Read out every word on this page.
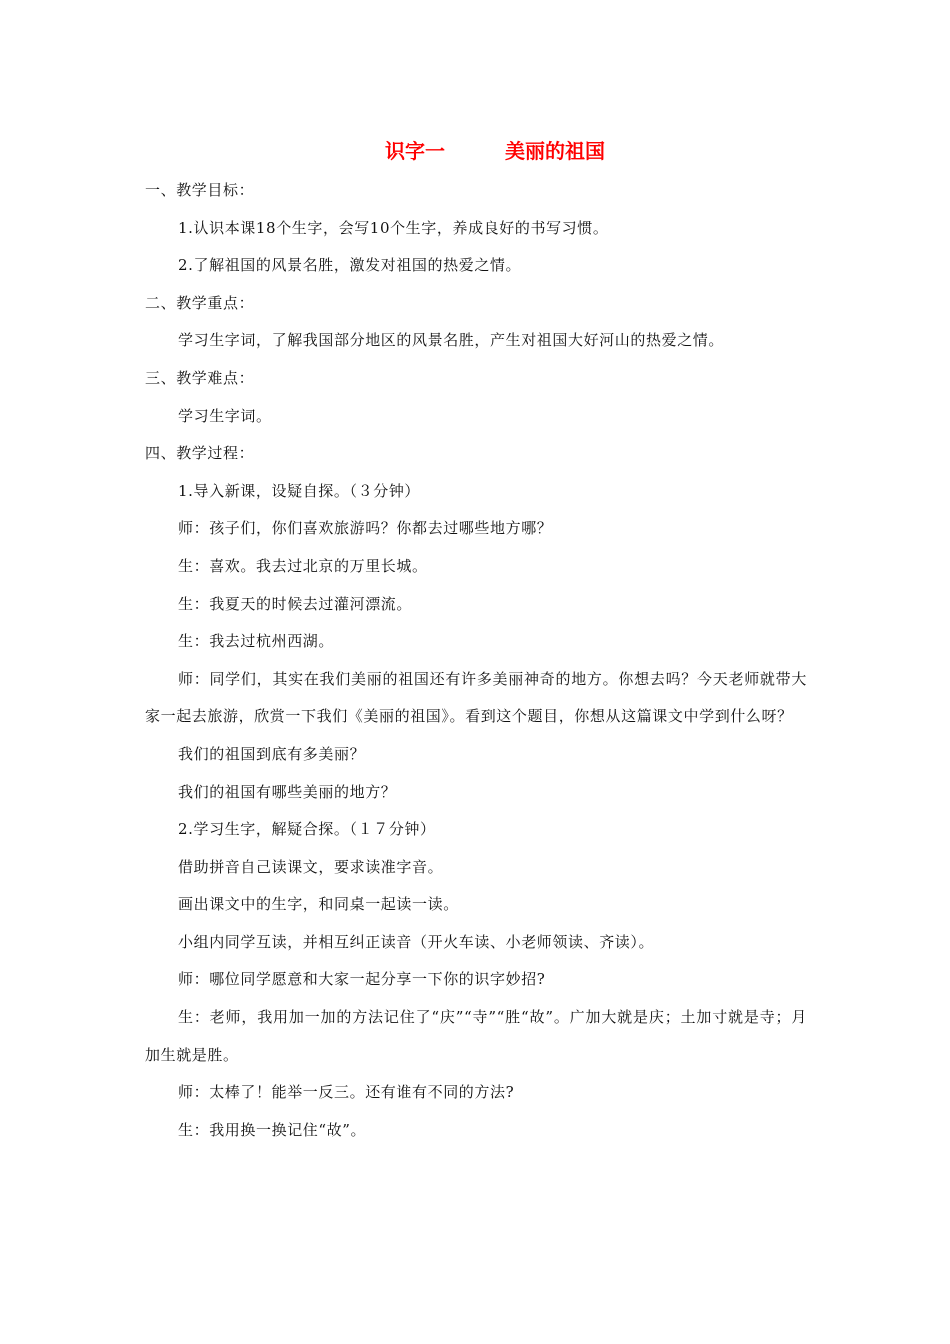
识字一　　　美丽的祖国

一、教学目标：

1.认识本课18个生字，会写10个生字，养成良好的书写习惯。

2.了解祖国的风景名胜，激发对祖国的热爱之情。

二、教学重点：

学习生字词，了解我国部分地区的风景名胜，产生对祖国大好河山的热爱之情。

三、教学难点：

学习生字词。

四、教学过程：

1.导入新课，设疑自探。（３分钟）

师：孩子们，你们喜欢旅游吗？你都去过哪些地方哪？

生：喜欢。我去过北京的万里长城。

生：我夏天的时候去过灌河漂流。

生：我去过杭州西湖。

师：同学们，其实在我们美丽的祖国还有许多美丽神奇的地方。你想去吗？今天老师就带大家一起去旅游，欣赏一下我们《美丽的祖国》。看到这个题目，你想从这篇课文中学到什么呀？

我们的祖国到底有多美丽？

我们的祖国有哪些美丽的地方？

2.学习生字，解疑合探。（１７分钟）

借助拼音自己读课文，要求读准字音。

画出课文中的生字，和同桌一起读一读。

小组内同学互读，并相互纠正读音（开火车读、小老师领读、齐读）。

师：哪位同学愿意和大家一起分享一下你的识字妙招?

生：老师，我用加一加的方法记住了“庆”“寺”“胜“故”。广加大就是庆；土加寸就是寺；月加生就是胜。

师：太棒了！能举一反三。还有谁有不同的方法?

生：我用换一换记住“故”。
